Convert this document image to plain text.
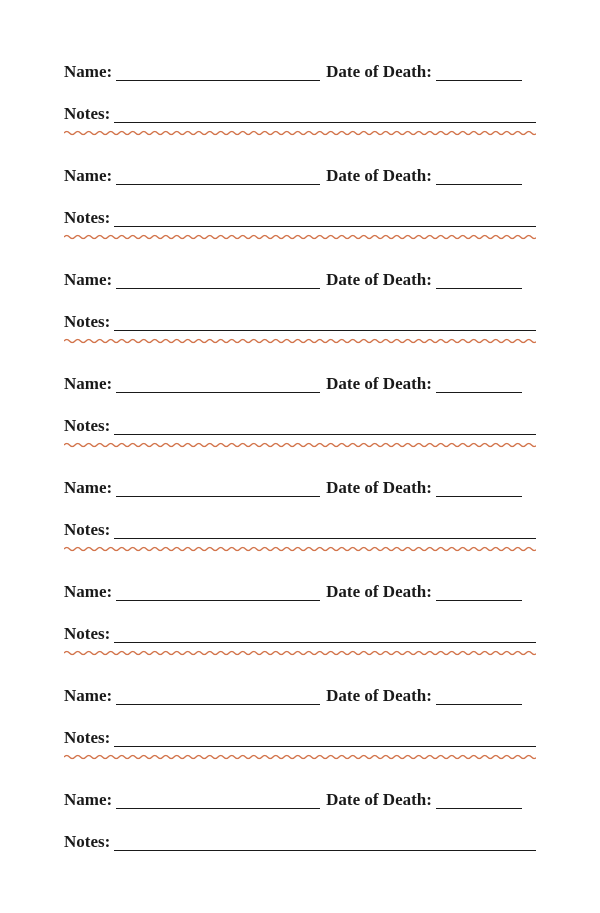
Name:	Date of Death:
Notes:
Name:	Date of Death:
Notes:
Name:	Date of Death:
Notes:
Name:	Date of Death:
Notes:
Name:	Date of Death:
Notes:
Name:	Date of Death:
Notes:
Name:	Date of Death:
Notes:
Name:	Date of Death:
Notes:
